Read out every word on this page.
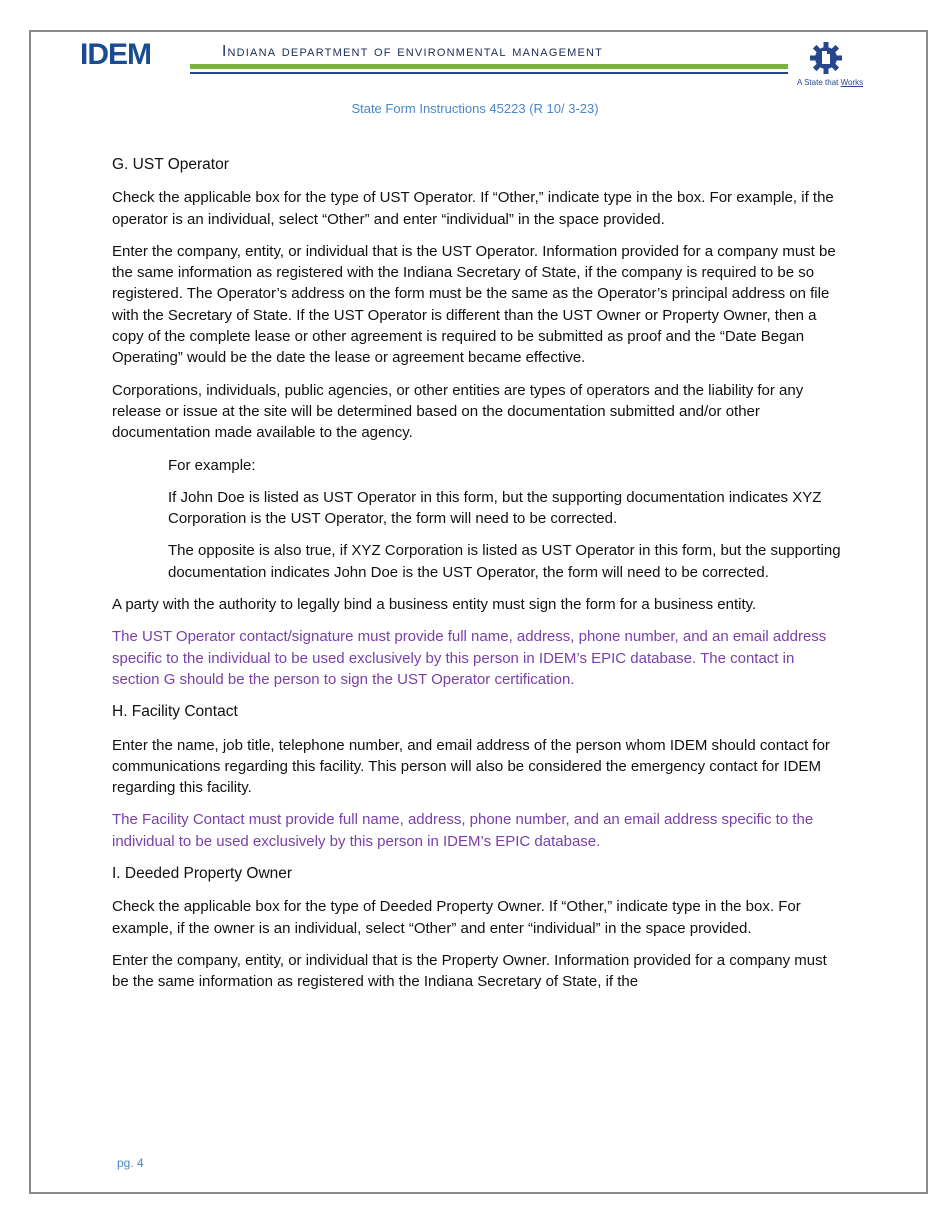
IDEM	Indiana department of environmental management
A State that Works
State Form Instructions 45223 (R 10/ 3-23)

G. UST Operator

Check the applicable box for the type of UST Operator. If “Other,” indicate type in the box. For example, if the operator is an individual, select “Other” and enter “individual” in the space provided.

Enter the company, entity, or individual that is the UST Operator. Information provided for a company must be the same information as registered with the Indiana Secretary of State, if the company is required to be so registered. The Operator’s address on the form must be the same as the Operator’s principal address on file with the Secretary of State. If the UST Operator is different than the UST Owner or Property Owner, then a copy of the complete lease or other agreement is required to be submitted as proof and the “Date Began Operating” would be the date the lease or agreement became effective.

Corporations, individuals, public agencies, or other entities are types of operators and the liability for any release or issue at the site will be determined based on the documentation submitted and/or other documentation made available to the agency.

For example:

If John Doe is listed as UST Operator in this form, but the supporting documentation indicates XYZ Corporation is the UST Operator, the form will need to be corrected.

The opposite is also true, if XYZ Corporation is listed as UST Operator in this form, but the supporting documentation indicates John Doe is the UST Operator, the form will need to be corrected.

A party with the authority to legally bind a business entity must sign the form for a business entity.

The UST Operator contact/signature must provide full name, address, phone number, and an email address specific to the individual to be used exclusively by this person in IDEM’s EPIC database. The contact in section G should be the person to sign the UST Operator certification.

H. Facility Contact

Enter the name, job title, telephone number, and email address of the person whom IDEM should contact for communications regarding this facility. This person will also be considered the emergency contact for IDEM regarding this facility.

The Facility Contact must provide full name, address, phone number, and an email address specific to the individual to be used exclusively by this person in IDEM’s EPIC database.

I. Deeded Property Owner

Check the applicable box for the type of Deeded Property Owner. If “Other,” indicate type in the box. For example, if the owner is an individual, select “Other” and enter “individual” in the space provided.

Enter the company, entity, or individual that is the Property Owner. Information provided for a company must be the same information as registered with the Indiana Secretary of State, if the

pg. 4
